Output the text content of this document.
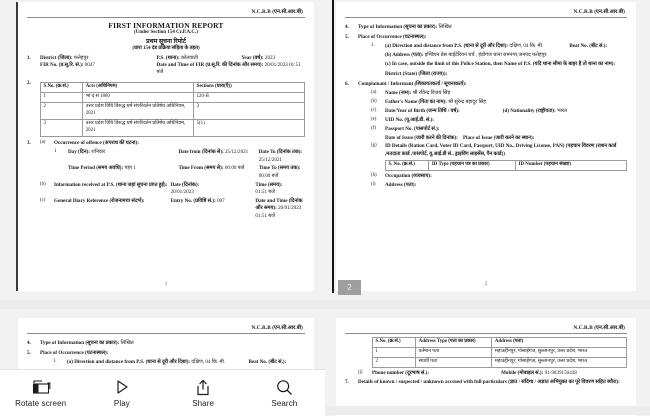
N.C.R.B (एन.सी.आर.बी)
FIRST INFORMATION REPORT
(Under Section 154 Cr.P.A.C.)
प्रथम सूचना रिपोर्ट
(धारा 154 दंड प्रक्रिया संहिता के तहत)
1.	District (जिला): फतेहपुर	P.S. (थाना): कोतवाली	Year (वर्ष): 2023
FIR No. (प्र.सू.रि. सं.): 0047	Date and Time of FIR (प्र.सू.रि. की दिनांक और समय): 20/01/2023 01:51 बजे
2.
S.No. (क्र.सं.)	Acts (अधिनियम)	Sections (धारा(एँ))
1	भा दं सं 1860	120-B
2	उत्तर प्रदेश विधि विरुद्ध धर्म संपरिवर्तन प्रतिषेध अधिनियम, 2021	3
3	उत्तर प्रदेश विधि विरुद्ध धर्म संपरिवर्तन प्रतिषेध अधिनियम, 2021	5(1)
3.	(a)	Occurrence of offence (अपराध की घटना):
1	Day (दिन): शनिवार	Date from (दिनांक से): 25/12/2021	Date To (दिनांक तक): 25/12/2021
Time Period (समय अवधि): पहर 1	Time From (समय से): 00:00 बजे	Time To (समय तक): 00:00 बजे
(b)	Information received at P.S. (थाना जहां सूचना प्राप्त हुई): Date (दिनांक):
20/01/2023
Time (समय):
01:51 बजे
(c)	General Diary Reference (रोजनामचा संदर्भ):	Entry No. (प्रविष्टि सं.): 007	Date and Time (दिनांक और समय): 20/01/2023 01:51 बजे
1
N.C.R.B (एन.सी.आर.बी)
4.	Type of Information (सूचना का प्रकार): लिखित
5.	Place of Occurrence (घटनास्थल):
1.	(a) Direction and distance from P.S. (थाना से दूरी और दिशा): दक्षिण, 04 कि. मी.	Beat No. (बीट सं.):
(b) Address (पता): इण्डियन प्रेस बाईटेरियन चर्च , हंडोगंज थाना रामनगर,जनपद फतेहपुर
(c) In case, outside the limit of this Police Station, then Name of P.S. (यदि थाना सीमा के बाहर है तो थाना का नाम):
District (State) (जिला (राज्य)):
6.	Complainant / Informant (शिकायतकर्ता / सूचनाकर्ता):
(a)	Name (नाम): श्री रविन्द्र विजय सिंह
(b)	Father's Name (पिता का नाम): श्री सुरेन्द्र बहादुर सिंह
(c)	Date/Year of Birth (जन्म तिथि / वर्ष):	(d) Nationality (राष्ट्रीयता): भारत
(e)	UID No. (यू.आई.डी. सं.):
(f)	Passport No. (पासपोर्ट सं.):
Date of Issue (जारी करने की दिनांक): Place of Issue (जारी करने का स्थान):
(g)	ID Details (Ration Card, Voter ID Card, Passport, UID No., Driving License, PAN) (पहचान विवरण (राशन कार्ड ,मतदाता कार्ड ,पासपोर्ट, यू.आई.डी सं., ड्राइविंग लाइसेंस, पैन कार्ड))
S. No. (क्र.सं.)	ID Type (पहचान पत्र का प्रकार)	ID Number (पहचान संख्या)
(h)	Occupation (व्यवसाय):
(i)	Address (पता):
2
N.C.R.B (एन.सी.आर.बी)
4.	Type of Information (सूचना का प्रकार): लिखित
5.	Place of Occurrence (घटनास्थल):
1.	(a) Direction and distance from P.S. (थाना से दूरी और दिशा): दक्षिण, 04 कि. मी.	Beat No. (बीट सं.):
N.C.R.B (एन.सी.आर.बी)
S.No. (क्र.सं.)	Address Type (पता का प्रकार)	Address (पता)
1	वर्तमान पता	महाउद्दीनपुर, गोसाईगंज, सुल्तानपुर, उत्तर प्रदेश, भारत
2	स्थायी पता	महाउद्दीनपुर, गोसाईगंज, सुल्तानपुर, उत्तर प्रदेश, भारत
(j)	Phone number (दूरभाष सं.):	Mobile (मोबाइल सं.): 91-9839150438
7.	Details of known / suspected / unknown accused with full particulars (ज्ञात / संदिग्ध / अज्ञात अभियुक्त का पूरे विवरण सहित ब्यौरा):
2
Rotate screen	Play	Share	Search
